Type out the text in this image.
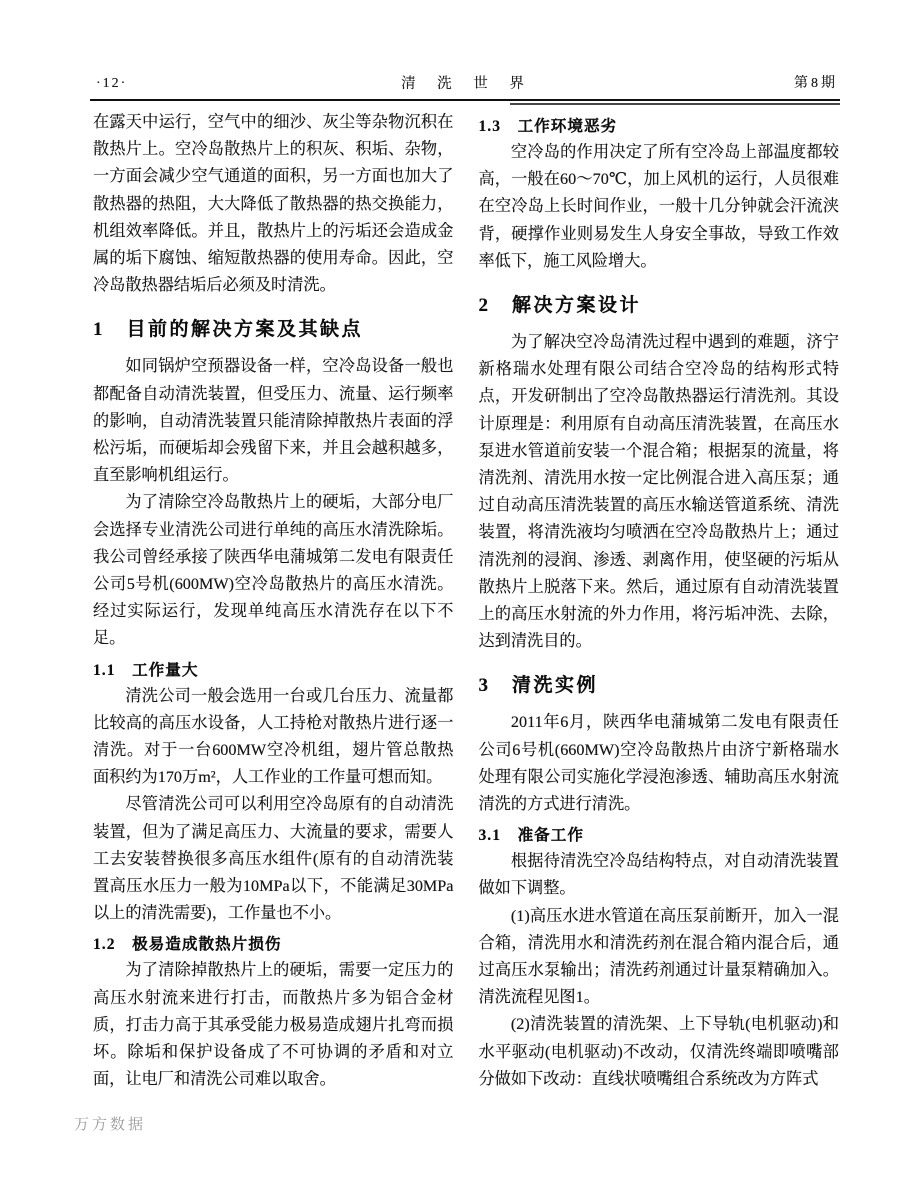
·12·	清 洗 世 界	第8期

在露天中运行，空气中的细沙、灰尘等杂物沉积在散热片上。空冷岛散热片上的积灰、积垢、杂物，一方面会减少空气通道的面积，另一方面也加大了散热器的热阻，大大降低了散热器的热交换能力，机组效率降低。并且，散热片上的污垢还会造成金属的垢下腐蚀、缩短散热器的使用寿命。因此，空冷岛散热器结垢后必须及时清洗。

1　目前的解决方案及其缺点

如同锅炉空预器设备一样，空冷岛设备一般也都配备自动清洗装置，但受压力、流量、运行频率的影响，自动清洗装置只能清除掉散热片表面的浮松污垢，而硬垢却会残留下来，并且会越积越多，直至影响机组运行。

为了清除空冷岛散热片上的硬垢，大部分电厂会选择专业清洗公司进行单纯的高压水清洗除垢。我公司曾经承接了陕西华电蒲城第二发电有限责任公司5号机(600MW)空冷岛散热片的高压水清洗。经过实际运行，发现单纯高压水清洗存在以下不足。

1.1　工作量大

清洗公司一般会选用一台或几台压力、流量都比较高的高压水设备，人工持枪对散热片进行逐一清洗。对于一台600MW空冷机组，翅片管总散热面积约为170万m²，人工作业的工作量可想而知。

尽管清洗公司可以利用空冷岛原有的自动清洗装置，但为了满足高压力、大流量的要求，需要人工去安装替换很多高压水组件(原有的自动清洗装置高压水压力一般为10MPa以下，不能满足30MPa以上的清洗需要)，工作量也不小。

1.2　极易造成散热片损伤

为了清除掉散热片上的硬垢，需要一定压力的高压水射流来进行打击，而散热片多为铝合金材质，打击力高于其承受能力极易造成翅片扎弯而损坏。除垢和保护设备成了不可协调的矛盾和对立面，让电厂和清洗公司难以取舍。

1.3　工作环境恶劣

空冷岛的作用决定了所有空冷岛上部温度都较高，一般在60～70℃，加上风机的运行，人员很难在空冷岛上长时间作业，一般十几分钟就会汗流浃背，硬撑作业则易发生人身安全事故，导致工作效率低下，施工风险增大。

2　解决方案设计

为了解决空冷岛清洗过程中遇到的难题，济宁新格瑞水处理有限公司结合空冷岛的结构形式特点，开发研制出了空冷岛散热器运行清洗剂。其设计原理是：利用原有自动高压清洗装置，在高压水泵进水管道前安装一个混合箱；根据泵的流量，将清洗剂、清洗用水按一定比例混合进入高压泵；通过自动高压清洗装置的高压水输送管道系统、清洗装置，将清洗液均匀喷洒在空冷岛散热片上；通过清洗剂的浸润、渗透、剥离作用，使坚硬的污垢从散热片上脱落下来。然后，通过原有自动清洗装置上的高压水射流的外力作用，将污垢冲洗、去除，达到清洗目的。

3　清洗实例

2011年6月，陕西华电蒲城第二发电有限责任公司6号机(660MW)空冷岛散热片由济宁新格瑞水处理有限公司实施化学浸泡渗透、辅助高压水射流清洗的方式进行清洗。

3.1　准备工作

根据待清洗空冷岛结构特点，对自动清洗装置做如下调整。

(1)高压水进水管道在高压泵前断开，加入一混合箱，清洗用水和清洗药剂在混合箱内混合后，通过高压水泵输出；清洗药剂通过计量泵精确加入。清洗流程见图1。

(2)清洗装置的清洗架、上下导轨(电机驱动)和水平驱动(电机驱动)不改动，仅清洗终端即喷嘴部分做如下改动：直线状喷嘴组合系统改为方阵式

万方数据
